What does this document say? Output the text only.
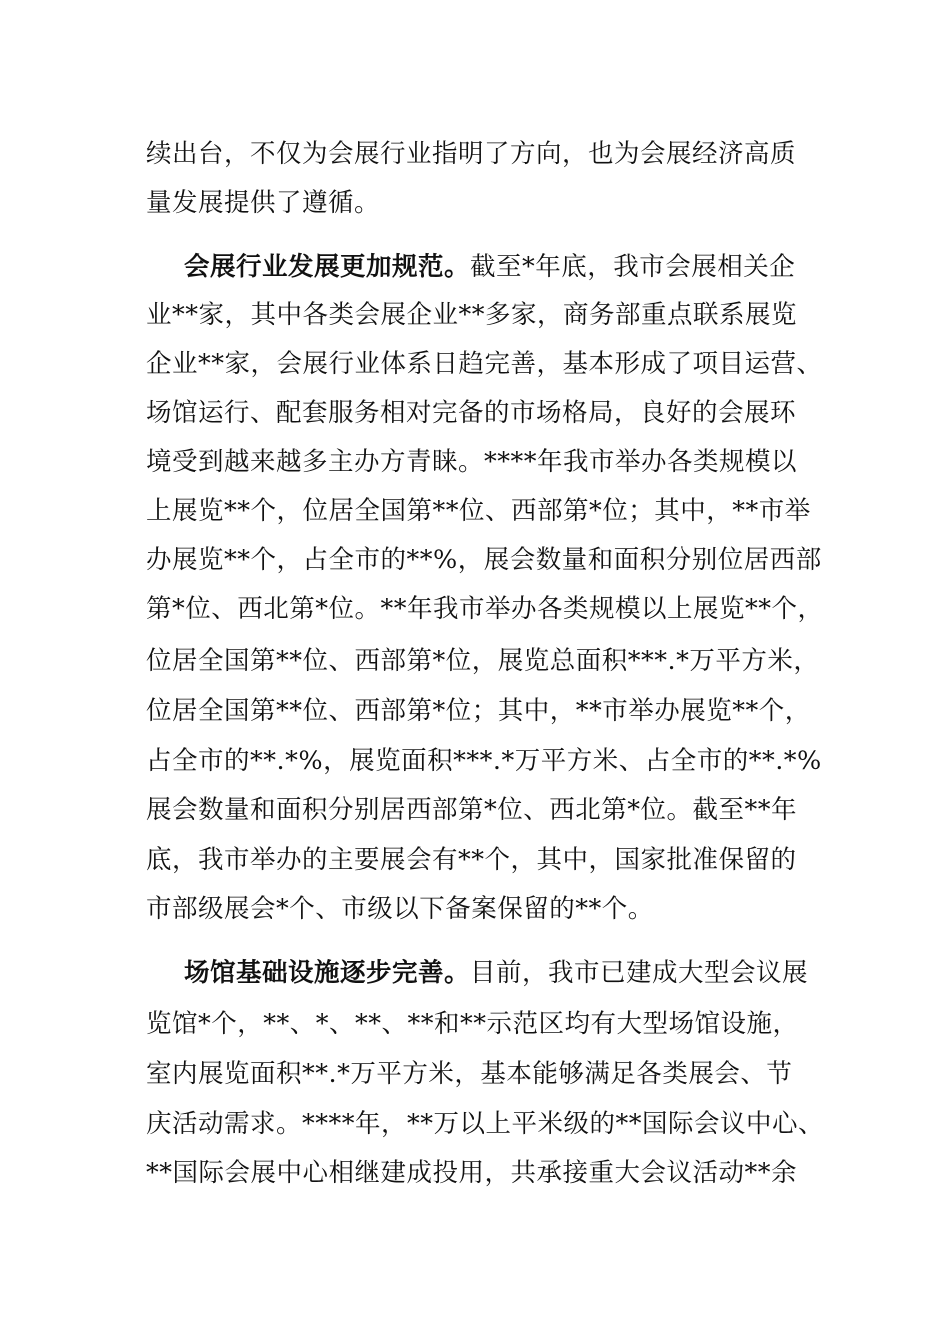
续出台，不仅为会展行业指明了方向，也为会展经济高质
量发展提供了遵循。
会展行业发展更加规范。截至*年底，我市会展相关企
业**家，其中各类会展企业**多家，商务部重点联系展览
企业**家，会展行业体系日趋完善，基本形成了项目运营、
场馆运行、配套服务相对完备的市场格局，良好的会展环
境受到越来越多主办方青睐。****年我市举办各类规模以
上展览**个，位居全国第**位、西部第*位；其中，**市举
办展览**个，占全市的**%，展会数量和面积分别位居西部
第*位、西北第*位。**年我市举办各类规模以上展览**个，
位居全国第**位、西部第*位，展览总面积***.*万平方米，
位居全国第**位、西部第*位；其中，**市举办展览**个，
占全市的**.*%，展览面积***.*万平方米、占全市的**.*%
展会数量和面积分别居西部第*位、西北第*位。截至**年
底，我市举办的主要展会有**个，其中，国家批准保留的
市部级展会*个、市级以下备案保留的**个。
场馆基础设施逐步完善。目前，我市已建成大型会议展
览馆*个，**、*、**、**和**示范区均有大型场馆设施，
室内展览面积**.*万平方米，基本能够满足各类展会、节
庆活动需求。****年，**万以上平米级的**国际会议中心、
**国际会展中心相继建成投用，共承接重大会议活动**余
